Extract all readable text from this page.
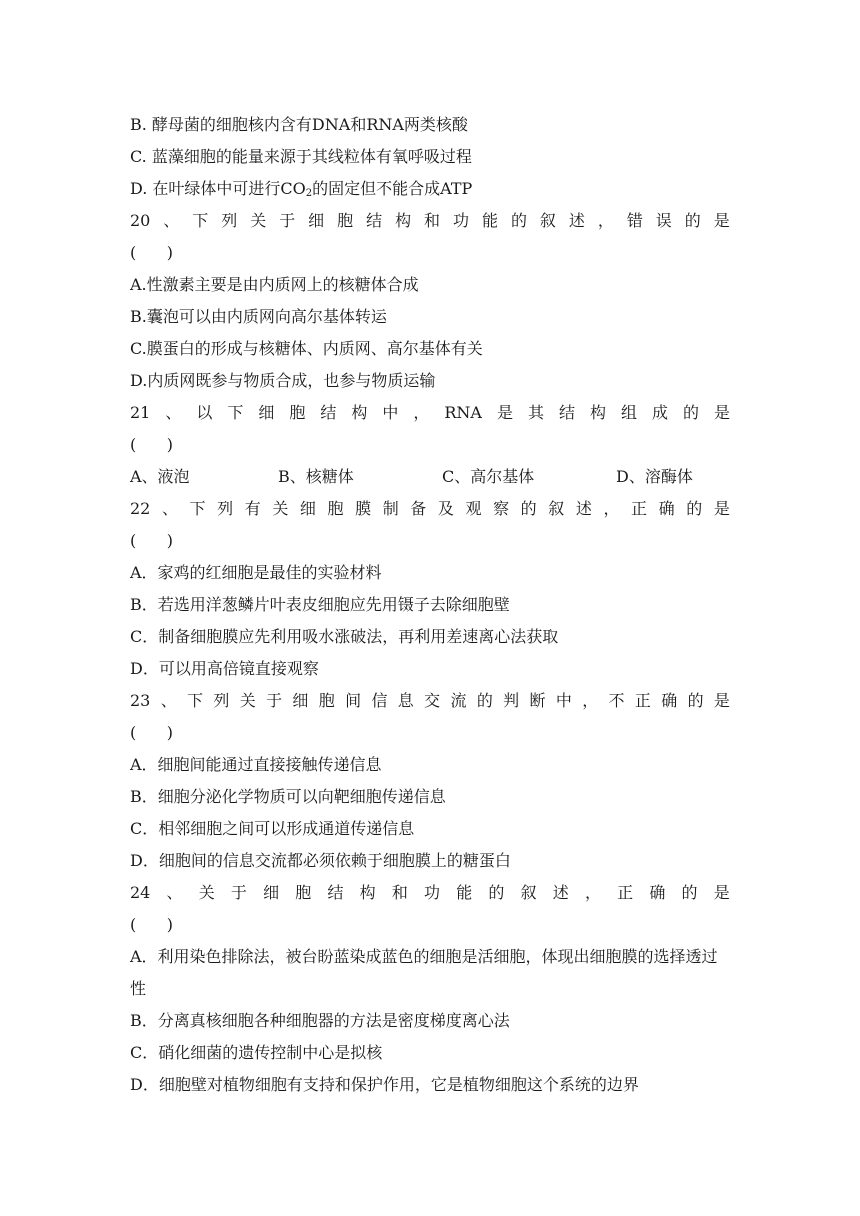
B. 酵母菌的细胞核内含有DNA和RNA两类核酸
C. 蓝藻细胞的能量来源于其线粒体有氧呼吸过程
D. 在叶绿体中可进行$CO_2$的固定但不能合成ATP
20 、 下 列 关 于 细 胞 结 构 和 功 能 的 叙 述 ， 错 误 的 是
(      )
A.性激素主要是由内质网上的核糖体合成
B.囊泡可以由内质网向高尔基体转运
C.膜蛋白的形成与核糖体、内质网、高尔基体有关
D.内质网既参与物质合成，也参与物质运输
21 、 以 下 细 胞 结 构 中 ， RNA 是 其 结 构 组 成 的 是
(      )
A、液泡	B、核糖体	C、高尔基体	D、溶酶体
22 、 下 列 有 关 细 胞 膜 制 备 及 观 察 的 叙 述 ， 正 确 的 是
(      )
A．家鸡的红细胞是最佳的实验材料
B．若选用洋葱鳞片叶表皮细胞应先用镊子去除细胞壁
C．制备细胞膜应先利用吸水涨破法，再利用差速离心法获取
D．可以用高倍镜直接观察
23 、 下 列 关 于 细 胞 间 信 息 交 流 的 判 断 中 ， 不 正 确 的 是
(      )
A．细胞间能通过直接接触传递信息
B．细胞分泌化学物质可以向靶细胞传递信息
C．相邻细胞之间可以形成通道传递信息
D．细胞间的信息交流都必须依赖于细胞膜上的糖蛋白
24 、 关 于 细 胞 结 构 和 功 能 的 叙 述 ， 正 确 的 是
(      )
A．利用染色排除法，被台盼蓝染成蓝色的细胞是活细胞，体现出细胞膜的选择透过性
B．分离真核细胞各种细胞器的方法是密度梯度离心法
C．硝化细菌的遗传控制中心是拟核
D．细胞壁对植物细胞有支持和保护作用，它是植物细胞这个系统的边界
